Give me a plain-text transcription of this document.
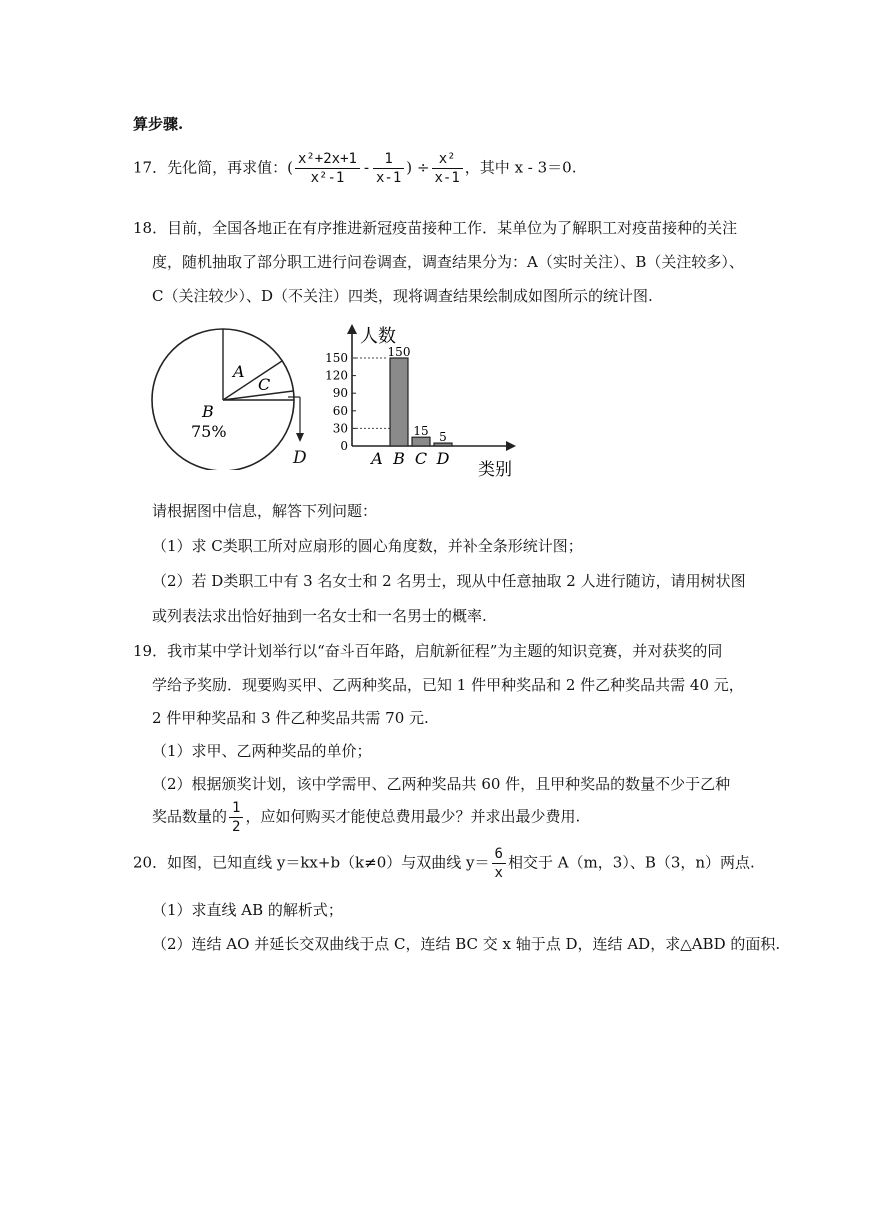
算步骤.
17．先化简，再求值：( $\frac{\text{x²+2x+1}}{\text{x²-1}} - \frac{1}{x-1}$ ) ÷ $\frac{\text{x²}}{x-1}$ ，其中 x - 3＝0.
18．目前，全国各地正在有序推进新冠疫苗接种工作．某单位为了解职工对疫苗接种的关注
度，随机抽取了部分职工进行问卷调查，调查结果分为：A（实时关注）、B（关注较多）、
C（关注较少）、D（不关注）四类，现将调查结果绘制成如图所示的统计图.
A
C
B
75%
D
人数
类别
0
30
60
90
120
150
A B
150
C
15
D
5
请根据图中信息，解答下列问题：
（1）求 C类职工所对应扇形的圆心角度数，并补全条形统计图；
（2）若 D类职工中有 3 名女士和 2 名男士，现从中任意抽取 2 人进行随访，请用树状图
或列表法求出恰好抽到一名女士和一名男士的概率.
19．我市某中学计划举行以“奋斗百年路，启航新征程”为主题的知识竞赛，并对获奖的同
学给予奖励．现要购买甲、乙两种奖品，已知 1 件甲种奖品和 2 件乙种奖品共需 40 元，
2 件甲种奖品和 3 件乙种奖品共需 70 元.
（1）求甲、乙两种奖品的单价；
（2）根据颁奖计划，该中学需甲、乙两种奖品共 60 件，且甲种奖品的数量不少于乙种
奖品数量的 $\frac{1}{2}$ ，应如何购买才能使总费用最少？并求出最少费用.
20．如图，已知直线 y＝kx+b（k≠0）与双曲线 $y= \frac{6}{x}$ 相交于 A（m，3）、B（3，n）两点.
（1）求直线 AB 的解析式；
（2）连结 AO 并延长交双曲线于点 C，连结 BC 交 x 轴于点 D，连结 AD，求△ABD 的面积.
